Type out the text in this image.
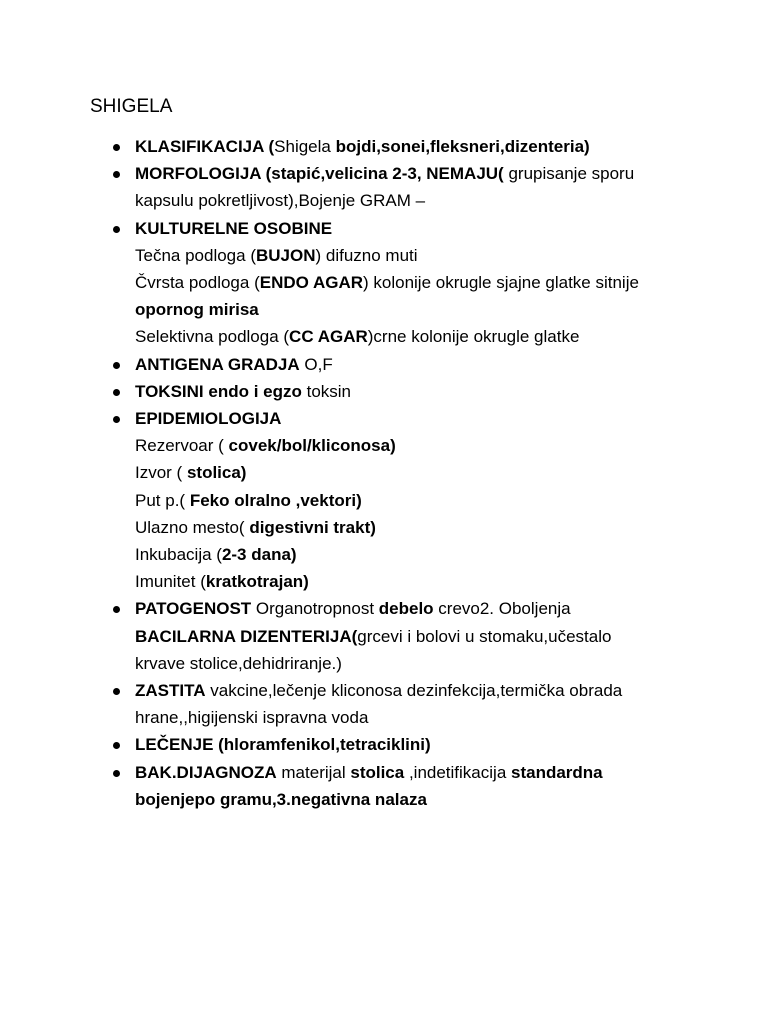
SHIGELA
KLASIFIKACIJA (Shigela bojdi,sonei,fleksneri,dizenteria)
MORFOLOGIJA (stapić,velicina 2-3, NEMAJU( grupisanje sporu
kapsulu pokretljivost),Bojenje GRAM –
KULTURELNE OSOBINE
Tečna podloga (BUJON) difuzno muti
Čvrsta podloga (ENDO AGAR) kolonije okrugle sjajne glatke sitnije
opornog mirisa
Selektivna podloga (CC AGAR)crne kolonije okrugle glatke
ANTIGENA GRADJA O,F
TOKSINI endo i egzo toksin
EPIDEMIOLOGIJA
Rezervoar ( covek/bol/kliconosa)
Izvor ( stolica)
Put p.( Feko olralno ,vektori)
Ulazno mesto( digestivni trakt)
Inkubacija (2-3 dana)
Imunitet (kratkotrajan)
PATOGENOST Organotropnost debelo crevo2. Oboljenja
BACILARNA DIZENTERIJA(grcevi i bolovi u stomaku,učestalo
krvave stolice,dehidriranje.)
ZASTITA vakcine,lečenje kliconosa dezinfekcija,termička obrada
hrane,,higijenski ispravna voda
LEČENJE (hloramfenikol,tetraciklini)
BAK.DIJAGNOZA materijal stolica ,indetifikacija standardna
bojenjepo gramu,3.negativna nalaza
